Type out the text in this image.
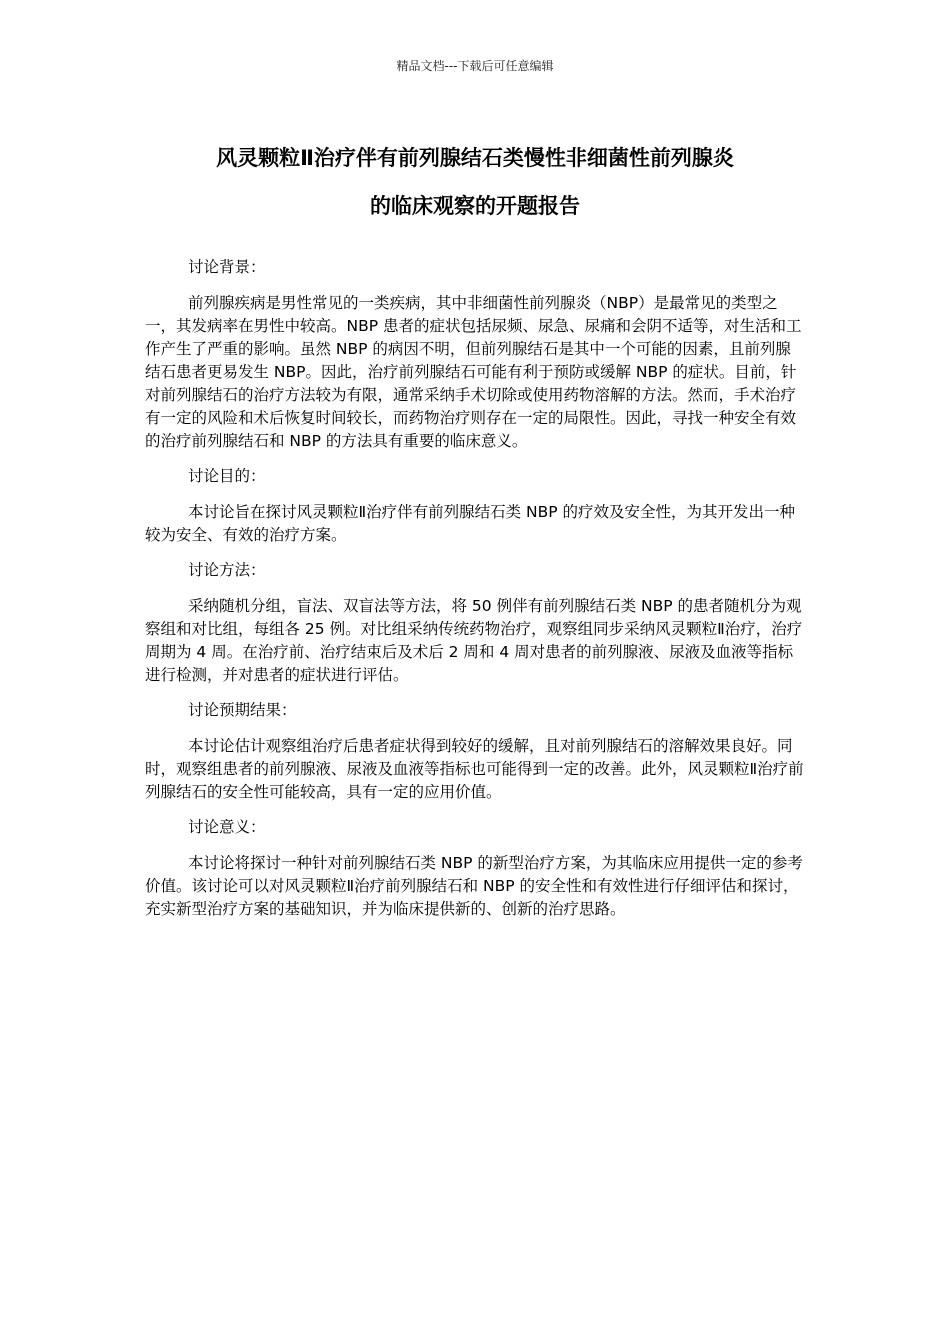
精品文档---下载后可任意编辑
风灵颗粒Ⅱ治疗伴有前列腺结石类慢性非细菌性前列腺炎
的临床观察的开题报告

讨论背景：

前列腺疾病是男性常见的一类疾病，其中非细菌性前列腺炎（NBP）是最常见的类型之一，其发病率在男性中较高。NBP 患者的症状包括尿频、尿急、尿痛和会阴不适等，对生活和工作产生了严重的影响。虽然 NBP 的病因不明，但前列腺结石是其中一个可能的因素，且前列腺结石患者更易发生 NBP。因此，治疗前列腺结石可能有利于预防或缓解 NBP 的症状。目前，针对前列腺结石的治疗方法较为有限，通常采纳手术切除或使用药物溶解的方法。然而，手术治疗有一定的风险和术后恢复时间较长，而药物治疗则存在一定的局限性。因此，寻找一种安全有效的治疗前列腺结石和 NBP 的方法具有重要的临床意义。

讨论目的：

本讨论旨在探讨风灵颗粒Ⅱ治疗伴有前列腺结石类 NBP 的疗效及安全性，为其开发出一种较为安全、有效的治疗方案。

讨论方法：

采纳随机分组，盲法、双盲法等方法，将 50 例伴有前列腺结石类 NBP 的患者随机分为观察组和对比组，每组各 25 例。对比组采纳传统药物治疗，观察组同步采纳风灵颗粒Ⅱ治疗，治疗周期为 4 周。在治疗前、治疗结束后及术后 2 周和 4 周对患者的前列腺液、尿液及血液等指标进行检测，并对患者的症状进行评估。

讨论预期结果：

本讨论估计观察组治疗后患者症状得到较好的缓解，且对前列腺结石的溶解效果良好。同时，观察组患者的前列腺液、尿液及血液等指标也可能得到一定的改善。此外，风灵颗粒Ⅱ治疗前列腺结石的安全性可能较高，具有一定的应用价值。

讨论意义：

本讨论将探讨一种针对前列腺结石类 NBP 的新型治疗方案，为其临床应用提供一定的参考价值。该讨论可以对风灵颗粒Ⅱ治疗前列腺结石和 NBP 的安全性和有效性进行仔细评估和探讨，充实新型治疗方案的基础知识，并为临床提供新的、创新的治疗思路。
